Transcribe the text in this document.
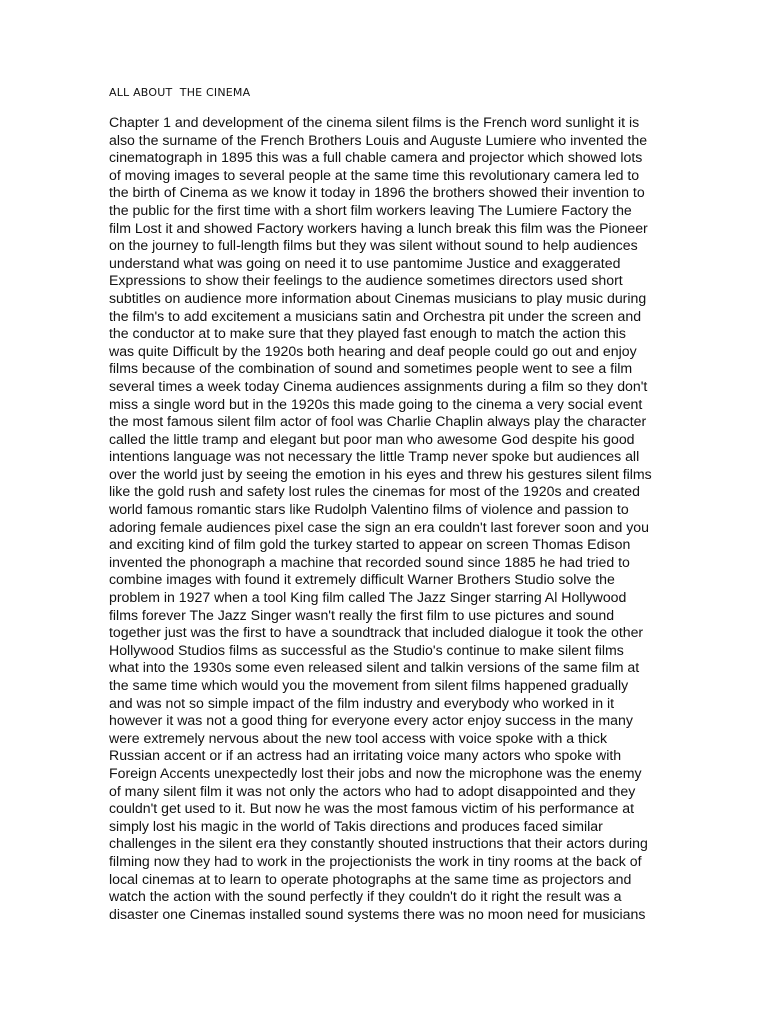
ALL ABOUT  THE CINEMA
Chapter 1 and development of the cinema silent films is the French word sunlight it is
also the surname of the French Brothers Louis and Auguste Lumiere who invented the
cinematograph in 1895 this was a full chable camera and projector which showed lots
of moving images to several people at the same time this revolutionary camera led to
the birth of Cinema as we know it today in 1896 the brothers showed their invention to
the public for the first time with a short film workers leaving The Lumiere Factory the
film Lost it and showed Factory workers having a lunch break this film was the Pioneer
on the journey to full-length films but they was silent without sound to help audiences
understand what was going on need it to use pantomime Justice and exaggerated
Expressions to show their feelings to the audience sometimes directors used short
subtitles on audience more information about Cinemas musicians to play music during
the film's to add excitement a musicians satin and Orchestra pit under the screen and
the conductor at to make sure that they played fast enough to match the action this
was quite Difficult by the 1920s both hearing and deaf people could go out and enjoy
films because of the combination of sound and sometimes people went to see a film
several times a week today Cinema audiences assignments during a film so they don't
miss a single word but in the 1920s this made going to the cinema a very social event
the most famous silent film actor of fool was Charlie Chaplin always play the character
called the little tramp and elegant but poor man who awesome God despite his good
intentions language was not necessary the little Tramp never spoke but audiences all
over the world just by seeing the emotion in his eyes and threw his gestures silent films
like the gold rush and safety lost rules the cinemas for most of the 1920s and created
world famous romantic stars like Rudolph Valentino films of violence and passion to
adoring female audiences pixel case the sign an era couldn't last forever soon and you
and exciting kind of film gold the turkey started to appear on screen Thomas Edison
invented the phonograph a machine that recorded sound since 1885 he had tried to
combine images with found it extremely difficult Warner Brothers Studio solve the
problem in 1927 when a tool King film called The Jazz Singer starring Al Hollywood
films forever The Jazz Singer wasn't really the first film to use pictures and sound
together just was the first to have a soundtrack that included dialogue it took the other
Hollywood Studios films as successful as the Studio's continue to make silent films
what into the 1930s some even released silent and talkin versions of the same film at
the same time which would you the movement from silent films happened gradually
and was not so simple impact of the film industry and everybody who worked in it
however it was not a good thing for everyone every actor enjoy success in the many
were extremely nervous about the new tool access with voice spoke with a thick
Russian accent or if an actress had an irritating voice many actors who spoke with
Foreign Accents unexpectedly lost their jobs and now the microphone was the enemy
of many silent film it was not only the actors who had to adopt disappointed and they
couldn't get used to it. But now he was the most famous victim of his performance at
simply lost his magic in the world of Takis directions and produces faced similar
challenges in the silent era they constantly shouted instructions that their actors during
filming now they had to work in the projectionists the work in tiny rooms at the back of
local cinemas at to learn to operate photographs at the same time as projectors and
watch the action with the sound perfectly if they couldn't do it right the result was a
disaster one Cinemas installed sound systems there was no moon need for musicians
